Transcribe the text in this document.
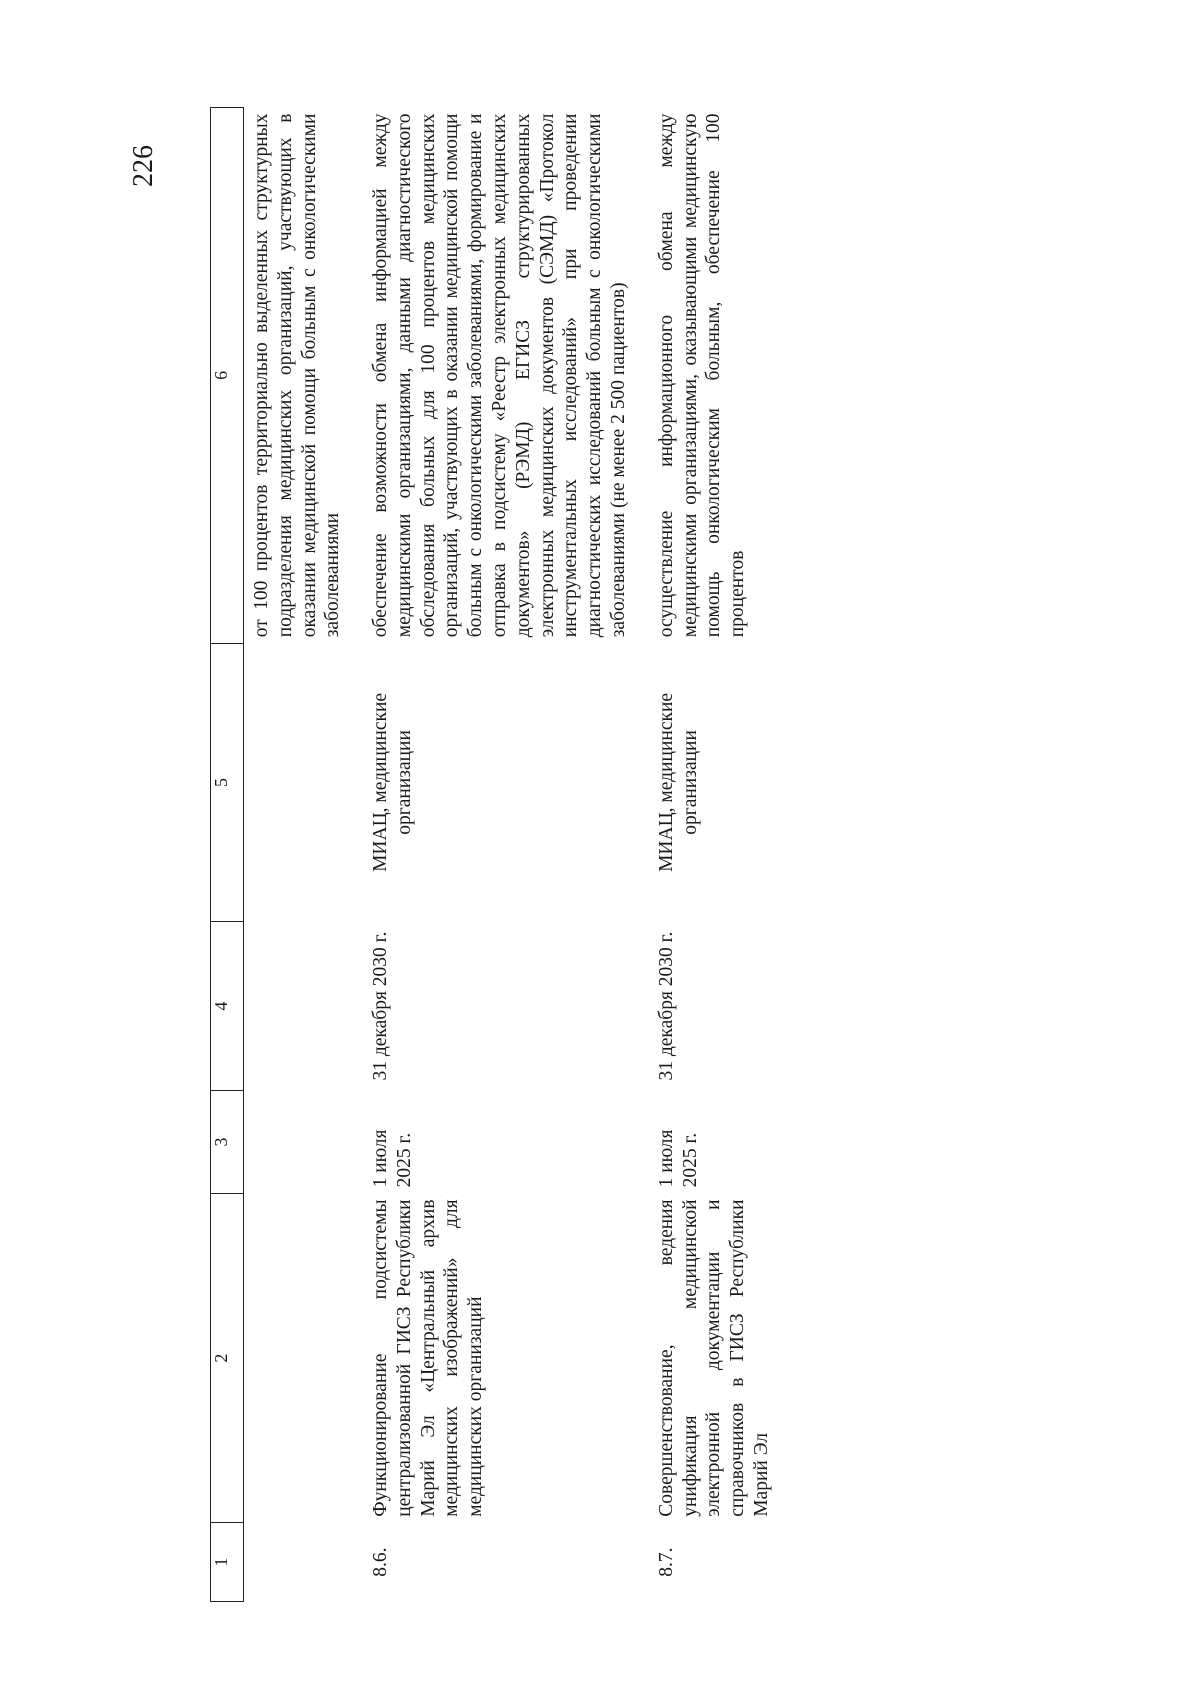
226
1	2	3	4	5	6
					от 100 процентов территориально выделенных структурных подразделения медицинских организаций, участвующих в оказании медицинской помощи больным с онкологическими заболеваниями
8.6.	Функционирование подсистемы централизованной ГИСЗ Республики Марий Эл «Центральный архив медицинских изображений» для медицинских организаций	1 июля 2025 г.	31 декабря 2030 г.	МИАЦ, медицинские организации	обеспечение возможности обмена информацией между медицинскими организациями, данными диагностического обследования больных для 100 процентов медицинских организаций, участвующих в оказании медицинской помощи больным с онкологическими заболеваниями, формирование и отправка в подсистему «Реестр электронных медицинских документов» (РЭМД) ЕГИСЗ структурированных электронных медицинских документов (СЭМД) «Протокол инструментальных исследований» при проведении диагностических исследований больным с онкологическими заболеваниями (не менее 2 500 пациентов)
8.7.	Совершенствование, ведения унификация медицинской электронной документации и справочников в ГИСЗ Республики Марий Эл	1 июля 2025 г.	31 декабря 2030 г.	МИАЦ, медицинские организации	осуществление информационного обмена между медицинскими организациями, оказывающими медицинскую помощь онкологическим больным, обеспечение 100 процентов
